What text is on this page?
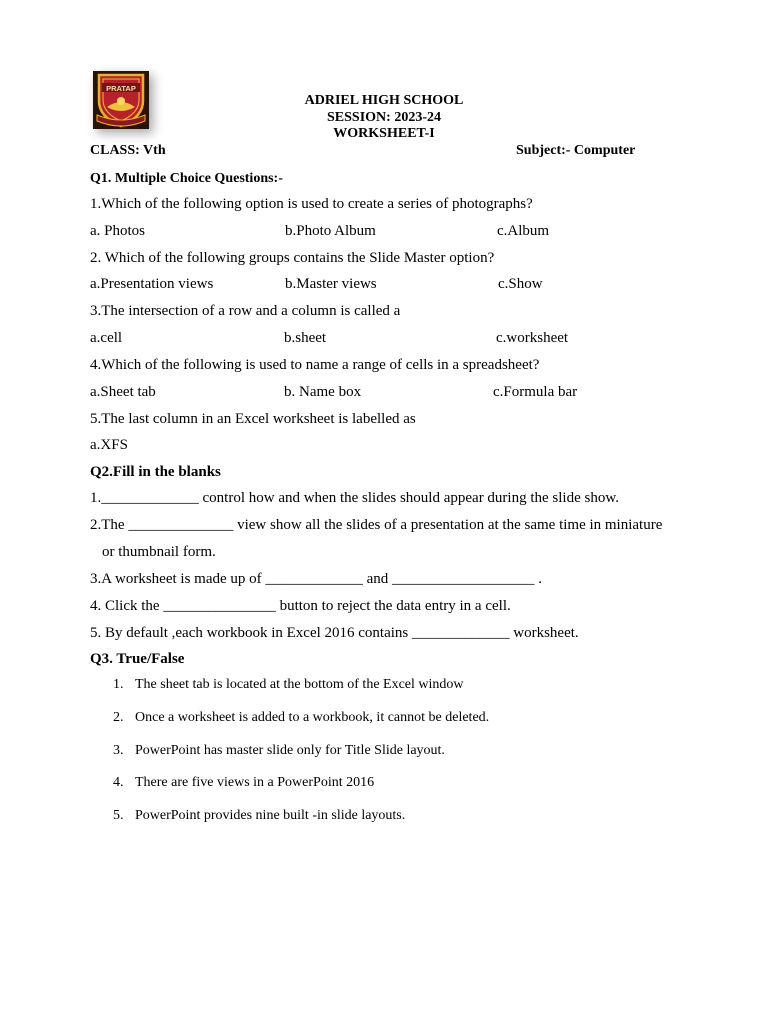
PRATAP
ADRIEL HIGH SCHOOL
SESSION: 2023-24
WORKSHEET-I
CLASS: Vth	Subject:- Computer
Q1. Multiple Choice Questions:-
1.Which of the following option is used to create a series of photographs?
a. Photos	b.Photo Album	c.Album
2. Which of the following groups contains the Slide Master option?
a.Presentation views	b.Master views	c.Show
3.The intersection of a row and a column is called a
a.cell	b.sheet	c.worksheet
4.Which of the following is used to name a range of cells in a spreadsheet?
a.Sheet tab	b. Name box	c.Formula bar
5.The last column in an Excel worksheet is labelled as
a.XFS
Q2.Fill in the blanks
1._____________ control how and when the slides should appear during the slide show.
2.The ______________ view show all the slides of a presentation at the same time in miniature
or thumbnail form.
3.A worksheet is made up of _____________ and ___________________ .
4. Click the _______________ button to reject the data entry in a cell.
5. By default ,each workbook in Excel 2016 contains _____________ worksheet.
Q3. True/False
1. The sheet tab is located at the bottom of the Excel window
2. Once a worksheet is added to a workbook, it cannot be deleted.
3. PowerPoint has master slide only for Title Slide layout.
4. There are five views in a PowerPoint 2016
5. PowerPoint provides nine built -in slide layouts.
